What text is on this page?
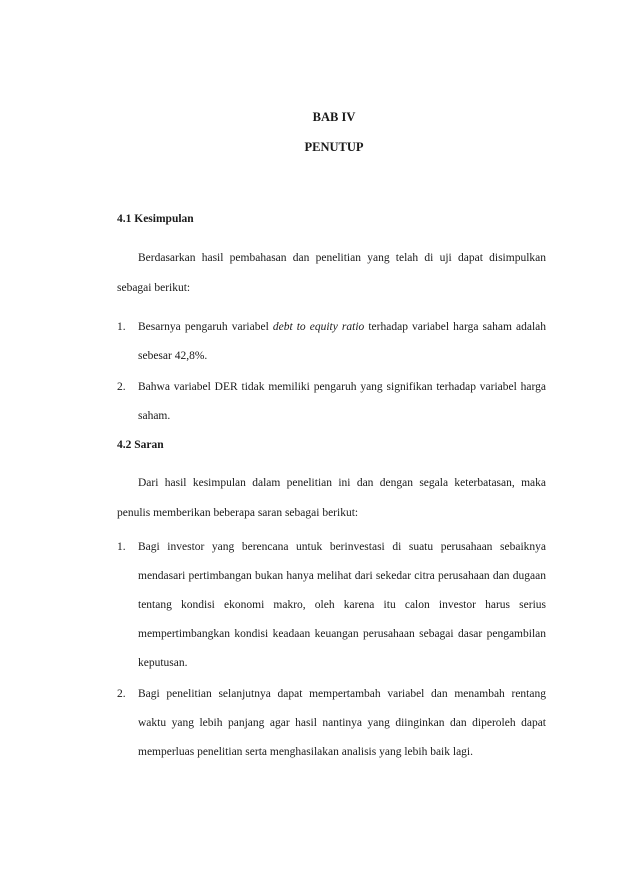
BAB IV
PENUTUP
4.1 Kesimpulan

Berdasarkan hasil pembahasan dan penelitian yang telah di uji dapat disimpulkan sebagai berikut:

1. Besarnya pengaruh variabel debt to equity ratio terhadap variabel harga saham adalah sebesar 42,8%.
2. Bahwa variabel DER tidak memiliki pengaruh yang signifikan terhadap variabel harga saham.
4.2 Saran

Dari hasil kesimpulan dalam penelitian ini dan dengan segala keterbatasan, maka penulis memberikan beberapa saran sebagai berikut:

1. Bagi investor yang berencana untuk berinvestasi di suatu perusahaan sebaiknya mendasari pertimbangan bukan hanya melihat dari sekedar citra perusahaan dan dugaan tentang kondisi ekonomi makro, oleh karena itu calon investor harus serius mempertimbangkan kondisi keadaan keuangan perusahaan sebagai dasar pengambilan keputusan.
2. Bagi penelitian selanjutnya dapat mempertambah variabel dan menambah rentang waktu yang lebih panjang agar hasil nantinya yang diinginkan dan diperoleh dapat memperluas penelitian serta menghasilakan analisis yang lebih baik lagi.
